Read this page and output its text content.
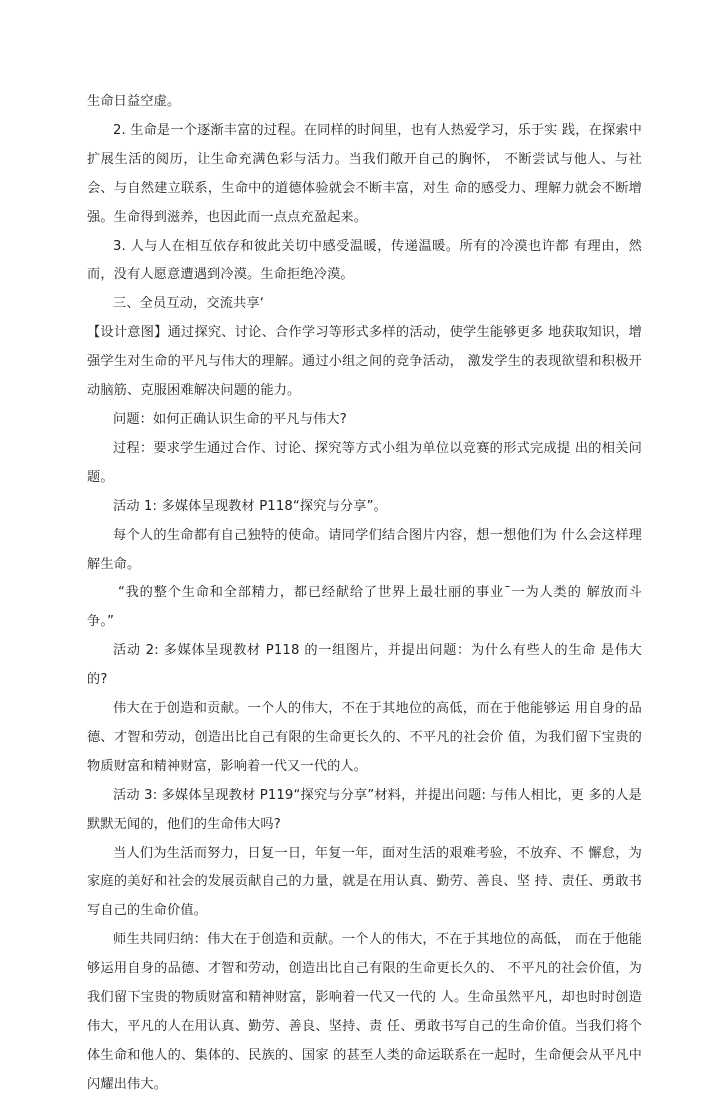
生命日益空虚。

2. 生命是一个逐渐丰富的过程。在同样的时间里，也有人热爱学习，乐于实 践，在探索中扩展生活的阅历，让生命充满色彩与活力。当我们敞开自己的胸怀， 不断尝试与他人、与社会、与自然建立联系，生命中的道德体验就会不断丰富，对生 命的感受力、理解力就会不断增强。生命得到滋养，也因此而一点点充盈起来。

3. 人与人在相互依存和彼此关切中感受温暖，传递温暖。所有的冷漠也许都 有理由，然而，没有人愿意遭遇到冷漠。生命拒绝冷漠。

三、全员互动，交流共享‘

【设计意图】通过探究、讨论、合作学习等形式多样的活动，使学生能够更多 地获取知识，增强学生对生命的平凡与伟大的理解。通过小组之间的竞争活动， 激发学生的表现欲望和积极开动脑筋、克服困难解决问题的能力。

问题：如何正确认识生命的平凡与伟大?

过程：要求学生通过合作、讨论、探究等方式小组为单位以竞赛的形式完成提 出的相关问题。

活动 1: 多媒体呈现教材 P118“探究与分享”。

每个人的生命都有自己独特的使命。请同学们结合图片内容，想一想他们为 什么会这样理解生命。

“我的整个生命和全部精力，都已经献给了世界上最壮丽的事业¯一为人类的 解放而斗争。”

活动 2: 多媒体呈现教材 P118 的一组图片，并提出问题：为什么有些人的生命 是伟大的?

伟大在于创造和贡献。一个人的伟大，不在于其地位的高低，而在于他能够运 用自身的品德、才智和劳动，创造出比自己有限的生命更长久的、不平凡的社会价 值，为我们留下宝贵的物质财富和精神财富，影响着一代又一代的人。

活动 3: 多媒体呈现教材 P119“探究与分享”材料，并提出问题: 与伟人相比，更 多的人是默默无闻的，他们的生命伟大吗?

当人们为生活而努力，日复一日，年复一年，面对生活的艰难考验，不放弃、不 懈怠，为家庭的美好和社会的发展贡献自己的力量，就是在用认真、勤劳、善良、坚 持、责任、勇敢书写自己的生命价值。

师生共同归纳：伟大在于创造和贡献。一个人的伟大，不在于其地位的高低， 而在于他能够运用自身的品德、才智和劳动，创造出比自己有限的生命更长久的、 不平凡的社会价值，为我们留下宝贵的物质财富和精神财富，影响着一代又一代的 人。生命虽然平凡，却也时时创造伟大，平凡的人在用认真、勤劳、善良、坚持、责 任、勇敢书写自己的生命价值。当我们将个体生命和他人的、集体的、民族的、国家 的甚至人类的命运联系在一起时，生命便会从平凡中闪耀出伟大。
